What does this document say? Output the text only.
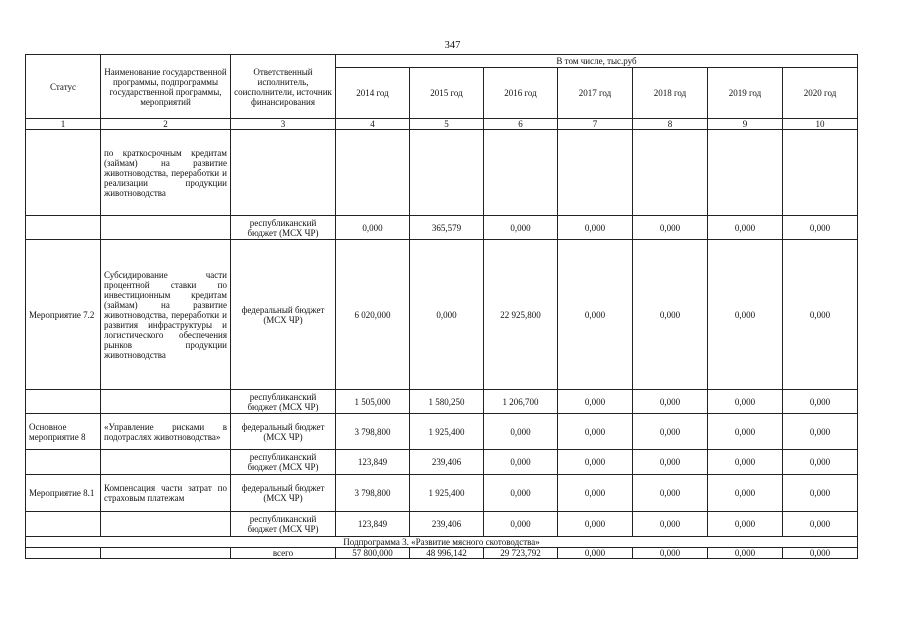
347
Статус	Наименование государственной программы, подпрограммы государственной программы, мероприятий	Ответственный исполнитель, соисполнители, источник финансирования	В том числе, тыс.руб						
			2014 год	2015 год	2016 год	2017 год	2018 год	2019 год	2020 год
1	2	3	4	5	6	7	8	9	10
	по краткосрочным кредитам (займам) на развитие животноводства, переработки и реализации продукции животноводства								
		республиканский бюджет (МСХ ЧР)	0,000	365,579	0,000	0,000	0,000	0,000	0,000
Мероприятие 7.2	Субсидирование части процентной ставки по инвестиционным кредитам (займам) на развитие животноводства, переработки и развития инфраструктуры и логистического обеспечения рынков продукции животноводства	федеральный бюджет (МСХ ЧР)	6 020,000	0,000	22 925,800	0,000	0,000	0,000	0,000
		республиканский бюджет (МСХ ЧР)	1 505,000	1 580,250	1 206,700	0,000	0,000	0,000	0,000
Основное мероприятие 8	«Управление рисками в подотраслях животноводства»	федеральный бюджет (МСХ ЧР)	3 798,800	1 925,400	0,000	0,000	0,000	0,000	0,000
		республиканский бюджет (МСХ ЧР)	123,849	239,406	0,000	0,000	0,000	0,000	0,000
Мероприятие 8.1	Компенсация части затрат по страховым платежам	федеральный бюджет (МСХ ЧР)	3 798,800	1 925,400	0,000	0,000	0,000	0,000	0,000
		республиканский бюджет (МСХ ЧР)	123,849	239,406	0,000	0,000	0,000	0,000	0,000
Подпрограмма 3. «Развитие мясного скотоводства»									
		всего	57 800,000	48 996,142	29 723,792	0,000	0,000	0,000	0,000
